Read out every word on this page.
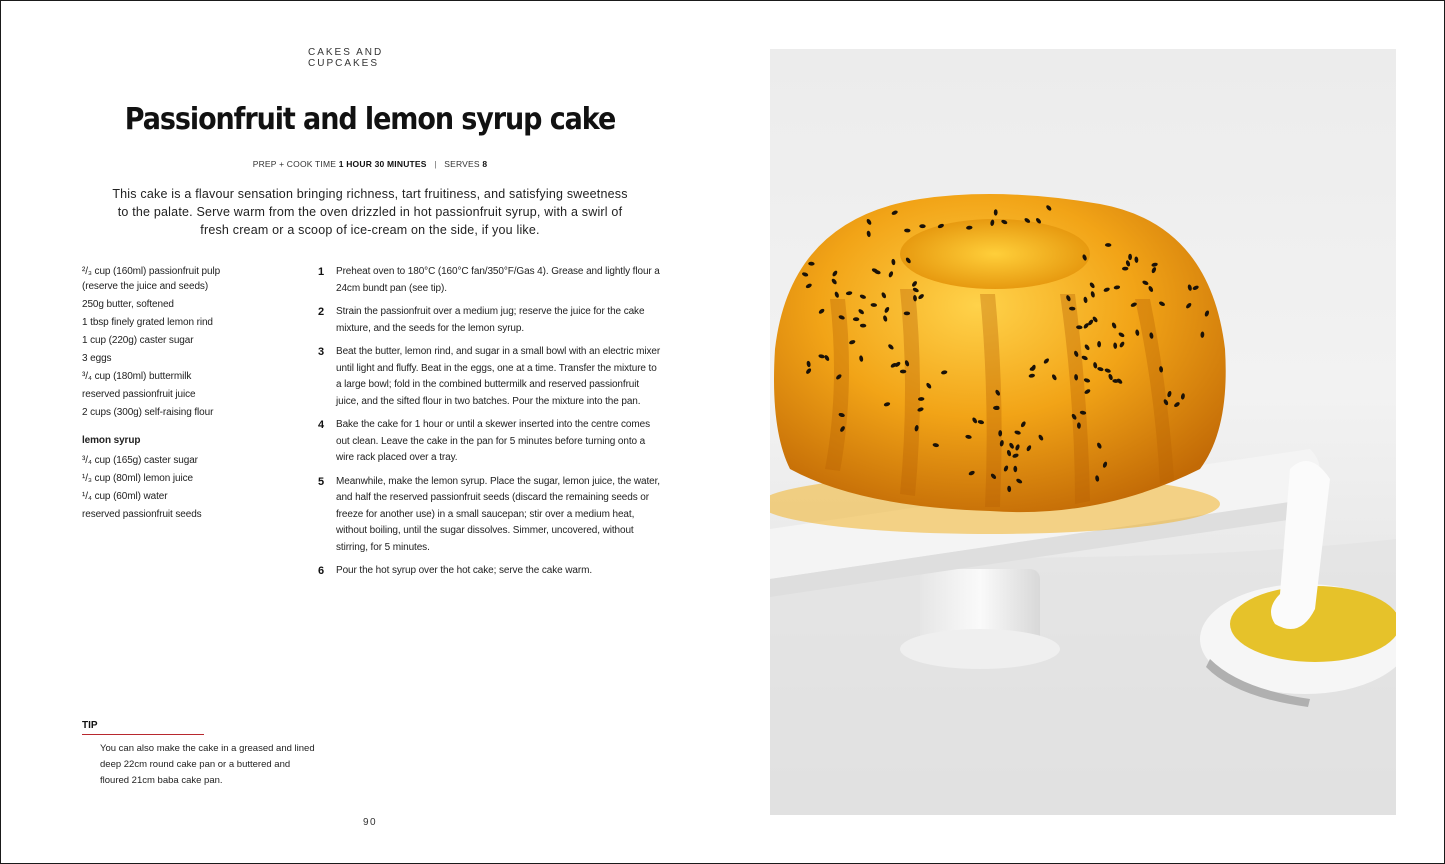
CAKES AND CUPCAKES
Passionfruit and lemon syrup cake
PREP + COOK TIME 1 HOUR 30 MINUTES | SERVES 8
This cake is a flavour sensation bringing richness, tart fruitiness, and satisfying sweetness to the palate. Serve warm from the oven drizzled in hot passionfruit syrup, with a swirl of fresh cream or a scoop of ice-cream on the side, if you like.
²/₃ cup (160ml) passionfruit pulp (reserve the juice and seeds)
250g butter, softened
1 tbsp finely grated lemon rind
1 cup (220g) caster sugar
3 eggs
³/₄ cup (180ml) buttermilk
reserved passionfruit juice
2 cups (300g) self-raising flour
lemon syrup
³/₄ cup (165g) caster sugar
¹/₃ cup (80ml) lemon juice
¹/₄ cup (60ml) water
reserved passionfruit seeds
1	Preheat oven to 180°C (160°C fan/350°F/Gas 4). Grease and lightly flour a 24cm bundt pan (see tip).
2	Strain the passionfruit over a medium jug; reserve the juice for the cake mixture, and the seeds for the lemon syrup.
3	Beat the butter, lemon rind, and sugar in a small bowl with an electric mixer until light and fluffy. Beat in the eggs, one at a time. Transfer the mixture to a large bowl; fold in the combined buttermilk and reserved passionfruit juice, and the sifted flour in two batches. Pour the mixture into the pan.
4	Bake the cake for 1 hour or until a skewer inserted into the centre comes out clean. Leave the cake in the pan for 5 minutes before turning onto a wire rack placed over a tray.
5	Meanwhile, make the lemon syrup. Place the sugar, lemon juice, the water, and half the reserved passionfruit seeds (discard the remaining seeds or freeze for another use) in a small saucepan; stir over a medium heat, without boiling, until the sugar dissolves. Simmer, uncovered, without stirring, for 5 minutes.
6	Pour the hot syrup over the hot cake; serve the cake warm.
TIP
You can also make the cake in a greased and lined deep 22cm round cake pan or a buttered and floured 21cm baba cake pan.
90
